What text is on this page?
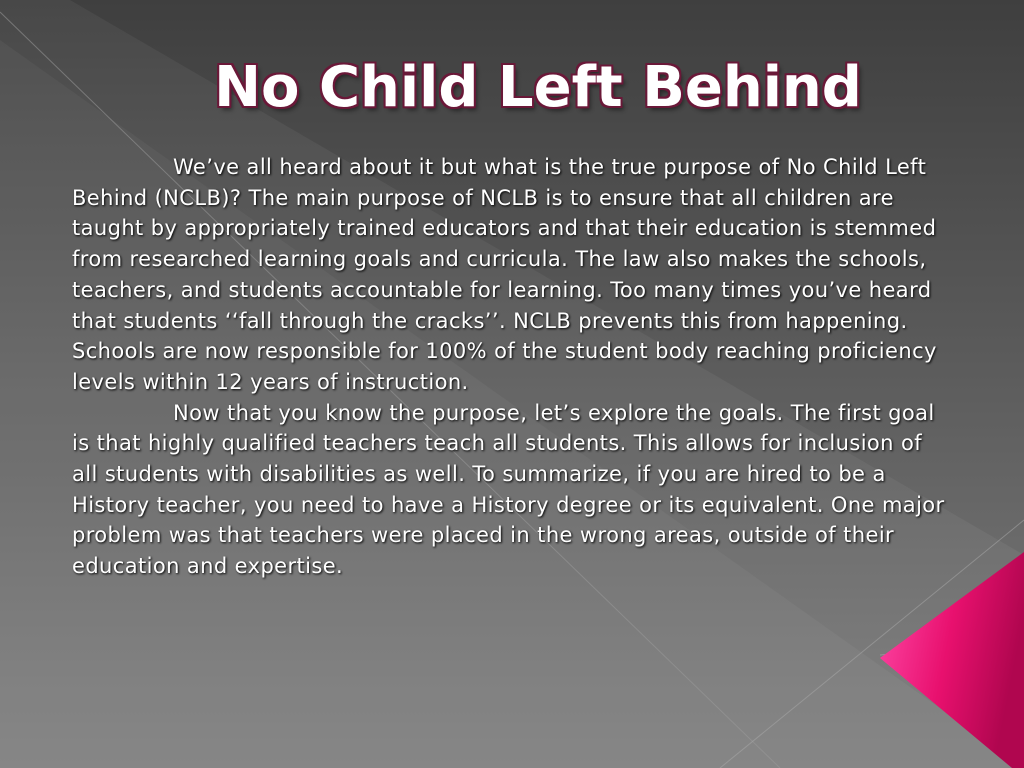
No Child Left Behind

We’ve all heard about it but what is the true purpose of No Child Left Behind (NCLB)? The main purpose of NCLB is to ensure that all children are taught by appropriately trained educators and that their education is stemmed from researched learning goals and curricula. The law also makes the schools, teachers, and students accountable for learning. Too many times you’ve heard that students ‘‘fall through the cracks’’. NCLB prevents this from happening. Schools are now responsible for 100% of the student body reaching proficiency levels within 12 years of instruction.

Now that you know the purpose, let’s explore the goals. The first goal is that highly qualified teachers teach all students. This allows for inclusion of all students with disabilities as well. To summarize, if you are hired to be a History teacher, you need to have a History degree or its equivalent. One major problem was that teachers were placed in the wrong areas, outside of their education and expertise.
